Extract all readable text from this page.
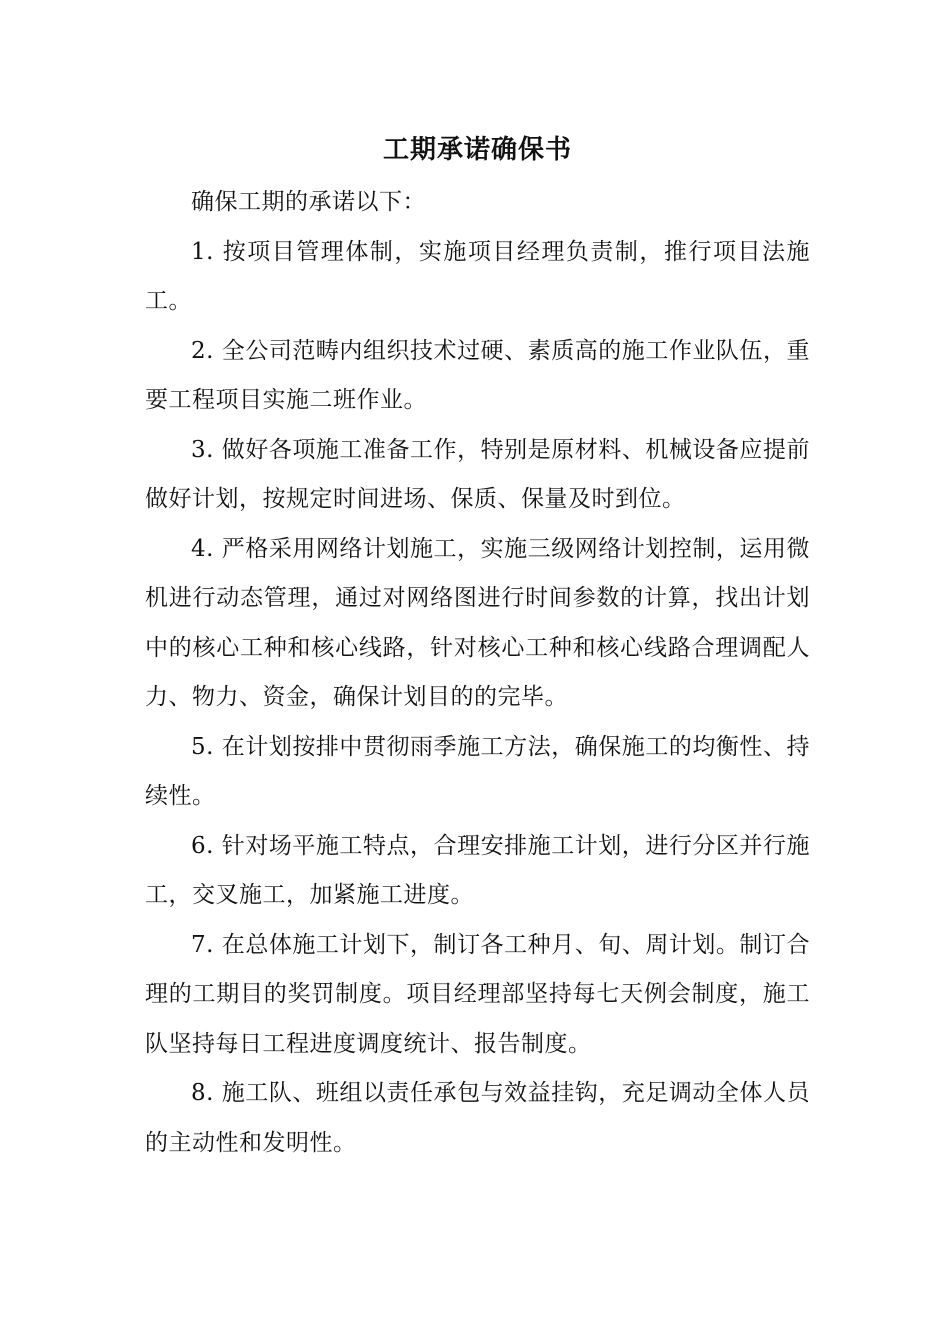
工期承诺确保书

确保工期的承诺以下：

1. 按项目管理体制，实施项目经理负责制，推行项目法施工。

2. 全公司范畴内组织技术过硬、素质高的施工作业队伍，重要工程项目实施二班作业。

3. 做好各项施工准备工作，特别是原材料、机械设备应提前做好计划，按规定时间进场、保质、保量及时到位。

4. 严格采用网络计划施工，实施三级网络计划控制，运用微机进行动态管理，通过对网络图进行时间参数的计算，找出计划中的核心工种和核心线路，针对核心工种和核心线路合理调配人力、物力、资金，确保计划目的的完毕。

5. 在计划按排中贯彻雨季施工方法，确保施工的均衡性、持续性。

6. 针对场平施工特点，合理安排施工计划，进行分区并行施工，交叉施工，加紧施工进度。

7. 在总体施工计划下，制订各工种月、旬、周计划。制订合理的工期目的奖罚制度。项目经理部坚持每七天例会制度，施工队坚持每日工程进度调度统计、报告制度。

8. 施工队、班组以责任承包与效益挂钩，充足调动全体人员的主动性和发明性。
